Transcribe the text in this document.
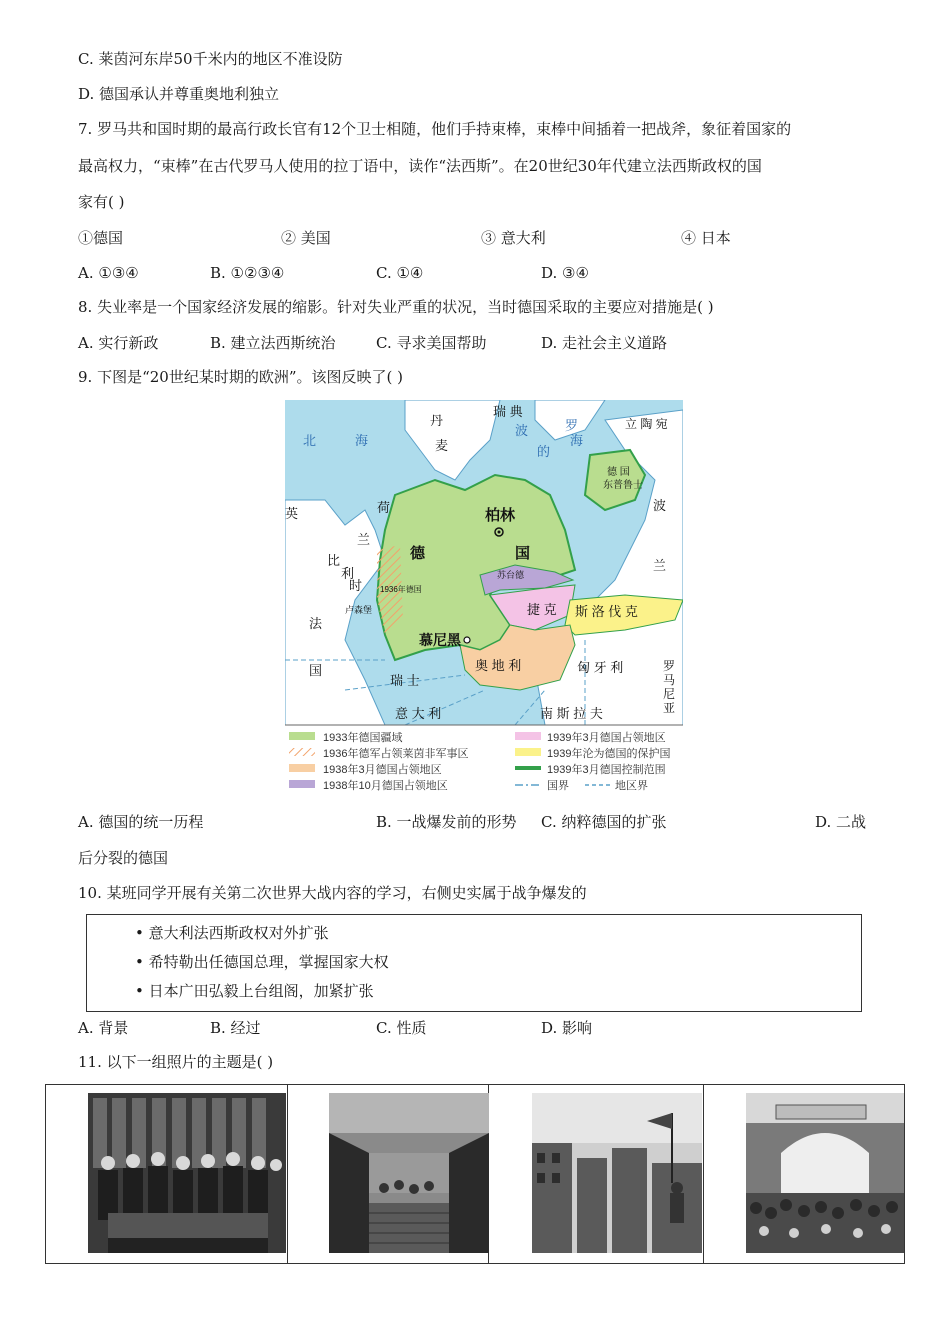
C. 莱茵河东岸50千米内的地区不准设防
D. 德国承认并尊重奥地利独立
7. 罗马共和国时期的最高行政长官有12个卫士相随，他们手持束棒，束棒中间插着一把战斧，象征着国家的
最高权力，“束棒”在古代罗马人使用的拉丁语中，读作“法西斯”。在20世纪30年代建立法西斯政权的国
家有( )
①德国	② 美国	③ 意大利	④ 日本
A. ①③④	B. ①②③④	C. ①④	D. ③④
8. 失业率是一个国家经济发展的缩影。针对失业严重的状况，当时德国采取的主要应对措施是( )
A. 实行新政	B. 建立法西斯统治	C. 寻求美国帮助	D. 走社会主义道路
9. 下图是“20世纪某时期的欧洲”。该图反映了( )
瑞 典
丹
麦
立 陶 宛
德 国
东普鲁士
波
兰
荷
兰
英	柏林
德	国
比
利
时
卢森堡
1936年德国
苏台德
捷 克 斯 洛 伐 克
法
国
慕尼黑
奥 地 利	匈 牙 利	罗
马
尼
亚
瑞 士
意 大 利	南 斯 拉 夫
北	海
波	罗
的
海
1933年德国疆域	1939年3月德国占领地区
1936年德军占领莱茵非军事区	1939年沦为德国的保护国
1938年3月德国占领地区	1939年3月德国控制范围
1938年10月德国占领地区	国界	地区界
A. 德国的统一历程	B. 一战爆发前的形势 C. 纳粹德国的扩张	D. 二战
后分裂的德国
10. 某班同学开展有关第二次世界大战内容的学习，右侧史实属于战争爆发的
• 意大利法西斯政权对外扩张
• 希特勒出任德国总理，掌握国家大权
• 日本广田弘毅上台组阁，加紧扩张
A. 背景	B. 经过	C. 性质	D. 影响
11. 以下一组照片的主题是( )
